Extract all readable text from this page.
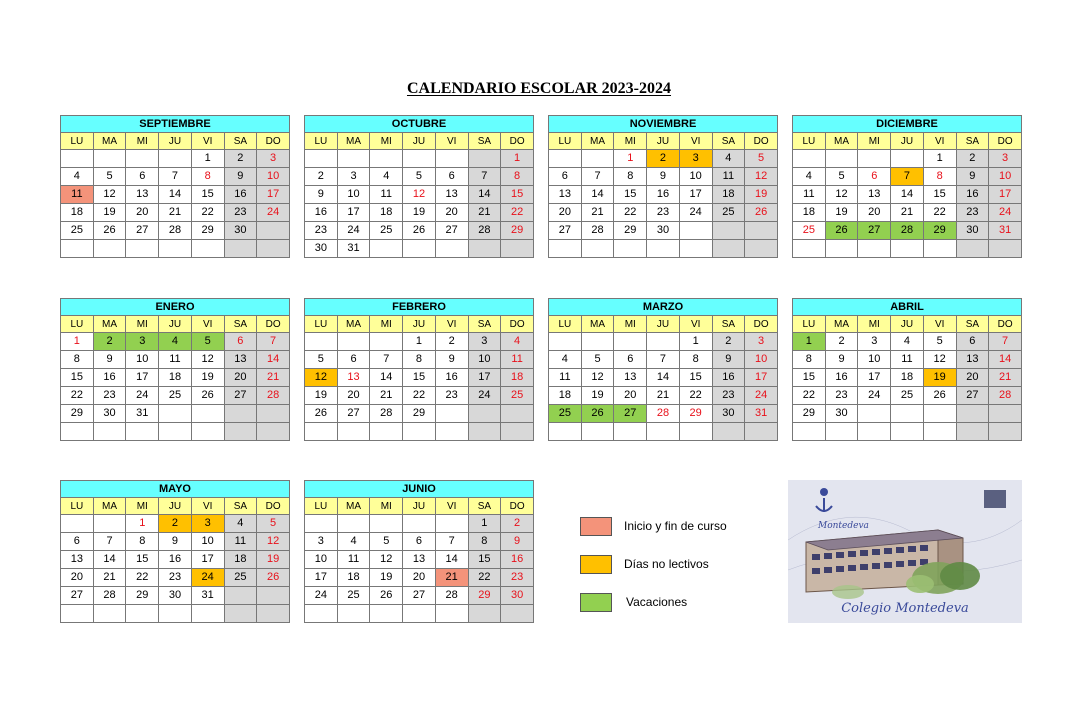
CALENDARIO ESCOLAR 2023-2024
SEPTIEMBRE
LU	MA	MI	JU	VI	SA	DO
				1	2	3
4	5	6	7	8	9	10
11	12	13	14	15	16	17
18	19	20	21	22	23	24
25	26	27	28	29	30	

OCTUBRE
LU	MA	MI	JU	VI	SA	DO
						1
2	3	4	5	6	7	8
9	10	11	12	13	14	15
16	17	18	19	20	21	22
23	24	25	26	27	28	29
30	31					
NOVIEMBRE
LU	MA	MI	JU	VI	SA	DO
		1	2	3	4	5
6	7	8	9	10	11	12
13	14	15	16	17	18	19
20	21	22	23	24	25	26
27	28	29	30			

DICIEMBRE
LU	MA	MI	JU	VI	SA	DO
				1	2	3
4	5	6	7	8	9	10
11	12	13	14	15	16	17
18	19	20	21	22	23	24
25	26	27	28	29	30	31

ENERO
LU	MA	MI	JU	VI	SA	DO
1	2	3	4	5	6	7
8	9	10	11	12	13	14
15	16	17	18	19	20	21
22	23	24	25	26	27	28
29	30	31				

FEBRERO
LU	MA	MI	JU	VI	SA	DO
			1	2	3	4
5	6	7	8	9	10	11
12	13	14	15	16	17	18
19	20	21	22	23	24	25
26	27	28	29			

MARZO
LU	MA	MI	JU	VI	SA	DO
				1	2	3
4	5	6	7	8	9	10
11	12	13	14	15	16	17
18	19	20	21	22	23	24
25	26	27	28	29	30	31

ABRIL
LU	MA	MI	JU	VI	SA	DO
1	2	3	4	5	6	7
8	9	10	11	12	13	14
15	16	17	18	19	20	21
22	23	24	25	26	27	28
29	30					

MAYO
LU	MA	MI	JU	VI	SA	DO
		1	2	3	4	5
6	7	8	9	10	11	12
13	14	15	16	17	18	19
20	21	22	23	24	25	26
27	28	29	30	31		

JUNIO
LU	MA	MI	JU	VI	SA	DO
					1	2
3	4	5	6	7	8	9
10	11	12	13	14	15	16
17	18	19	20	21	22	23
24	25	26	27	28	29	30

Inicio y fin de curso
Días no lectivos
Vacaciones
Montedeva
Colegio Montedeva
